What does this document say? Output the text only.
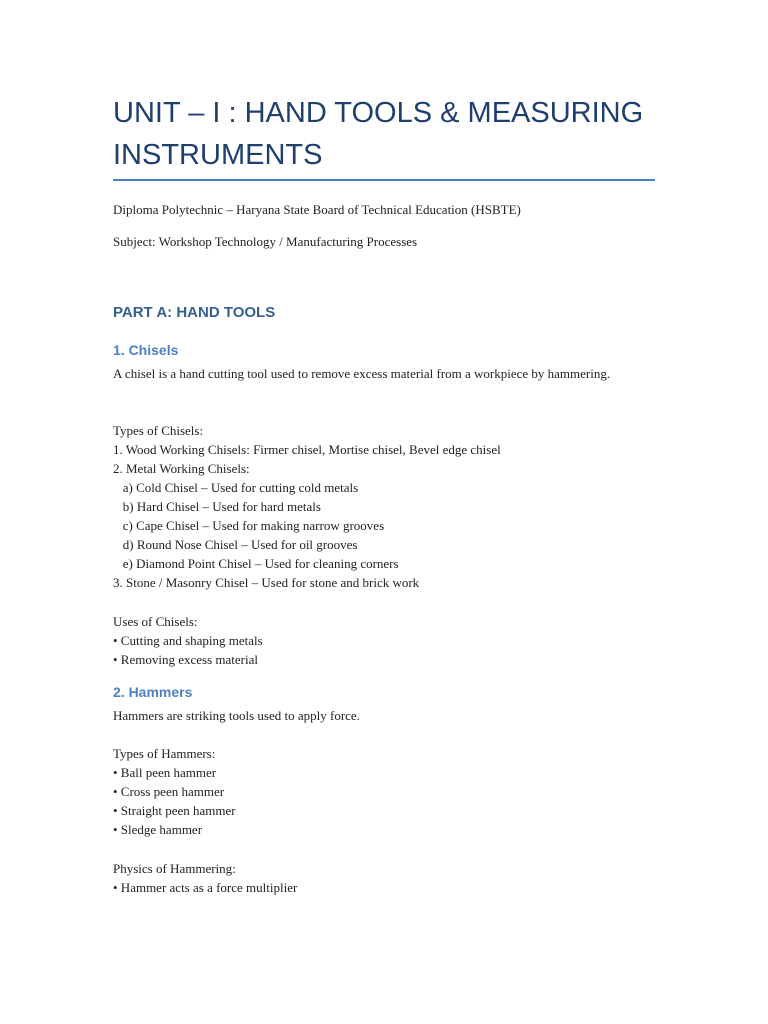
UNIT – I : HAND TOOLS & MEASURING INSTRUMENTS

Diploma Polytechnic – Haryana State Board of Technical Education (HSBTE)

Subject: Workshop Technology / Manufacturing Processes

PART A: HAND TOOLS
1. Chisels

A chisel is a hand cutting tool used to remove excess material from a workpiece by hammering.

Types of Chisels:
1. Wood Working Chisels: Firmer chisel, Mortise chisel, Bevel edge chisel
2. Metal Working Chisels:
a) Cold Chisel – Used for cutting cold metals
b) Hard Chisel – Used for hard metals
c) Cape Chisel – Used for making narrow grooves
d) Round Nose Chisel – Used for oil grooves
e) Diamond Point Chisel – Used for cleaning corners
3. Stone / Masonry Chisel – Used for stone and brick work
Uses of Chisels:
• Cutting and shaping metals
• Removing excess material
2. Hammers

Hammers are striking tools used to apply force.

Types of Hammers:
• Ball peen hammer
• Cross peen hammer
• Straight peen hammer
• Sledge hammer
Physics of Hammering:
• Hammer acts as a force multiplier
